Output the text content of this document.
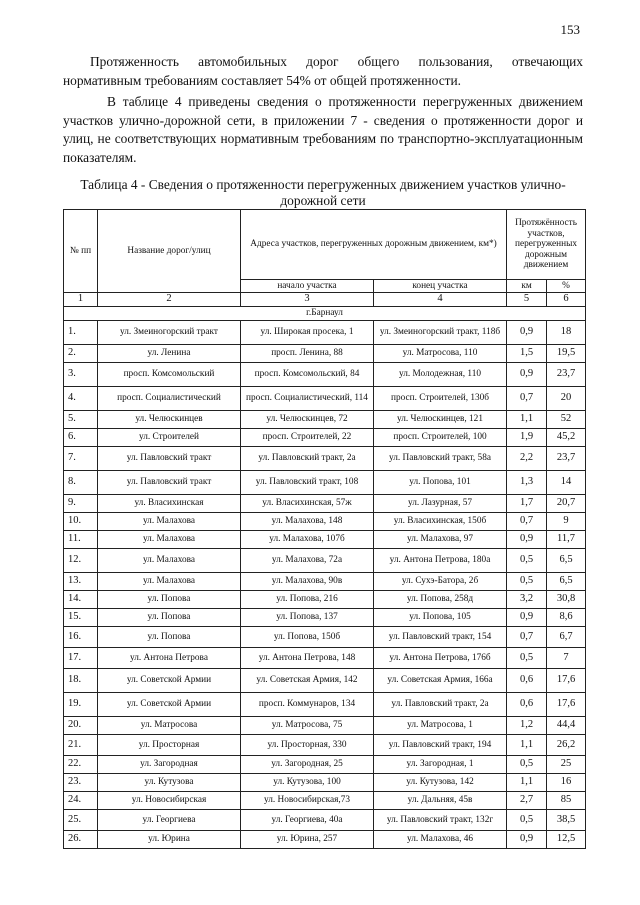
153

Протяженность автомобильных дорог общего пользования, отвечающих нормативным требованиям составляет 54% от общей протяженности.

В таблице 4 приведены сведения о протяженности перегруженных движением участков улично-дорожной сети, в приложении 7 - сведения о протяженности дорог и улиц, не соответствующих нормативным требованиям по транспортно-эксплуатационным показателям.

Таблица 4 - Сведения о протяженности перегруженных движением участков улично-дорожной сети

№ пп	Название дорог/улиц	Адреса участков, перегруженных дорожным движением, км*)		Протяжённость участков, перегруженных дорожным движением	
		начало участка	конец участка	км	%
1	2	3	4	5	6
г.Барнаул					
1.	ул. Змеиногорский тракт	ул. Широкая просека, 1	ул. Змеиногорский тракт, 118б	0,9	18
2.	ул. Ленина	просп. Ленина, 88	ул. Матросова, 110	1,5	19,5
3.	просп. Комсомольский	просп. Комсомольский, 84	ул. Молодежная, 110	0,9	23,7
4.	просп. Социалистический	просп. Социалистический, 114	просп. Строителей, 130б	0,7	20
5.	ул. Челюскинцев	ул. Челюскинцев, 72	ул. Челюскинцев, 121	1,1	52
6.	ул. Строителей	просп. Строителей, 22	просп. Строителей, 100	1,9	45,2
7.	ул. Павловский тракт	ул. Павловский тракт, 2а	ул. Павловский тракт, 58а	2,2	23,7
8.	ул. Павловский тракт	ул. Павловский тракт, 108	ул. Попова, 101	1,3	14
9.	ул. Власихинская	ул. Власихинская, 57ж	ул. Лазурная, 57	1,7	20,7
10.	ул. Малахова	ул. Малахова, 148	ул. Власихинская, 150б	0,7	9
11.	ул. Малахова	ул. Малахова, 107б	ул. Малахова, 97	0,9	11,7
12.	ул. Малахова	ул. Малахова, 72а	ул. Антона Петрова, 180а	0,5	6,5
13.	ул. Малахова	ул. Малахова, 90в	ул. Сухэ-Батора, 2б	0,5	6,5
14.	ул. Попова	ул. Попова, 216	ул. Попова, 258д	3,2	30,8
15.	ул. Попова	ул. Попова, 137	ул. Попова, 105	0,9	8,6
16.	ул. Попова	ул. Попова, 150б	ул. Павловский тракт, 154	0,7	6,7
17.	ул. Антона Петрова	ул. Антона Петрова, 148	ул. Антона Петрова, 176б	0,5	7
18.	ул. Советской Армии	ул. Советская Армия, 142	ул. Советская Армия, 166а	0,6	17,6
19.	ул. Советской Армии	просп. Коммунаров, 134	ул. Павловский тракт, 2а	0,6	17,6
20.	ул. Матросова	ул. Матросова, 75	ул. Матросова, 1	1,2	44,4
21.	ул. Просторная	ул. Просторная, 330	ул. Павловский тракт, 194	1,1	26,2
22.	ул. Загородная	ул. Загородная, 25	ул. Загородная, 1	0,5	25
23.	ул. Кутузова	ул. Кутузова, 100	ул. Кутузова, 142	1,1	16
24.	ул. Новосибирская	ул. Новосибирская,73	ул. Дальняя, 45в	2,7	85
25.	ул. Георгиева	ул. Георгиева, 40а	ул. Павловский тракт, 132г	0,5	38,5
26.	ул. Юрина	ул. Юрина, 257	ул. Малахова, 46	0,9	12,5
